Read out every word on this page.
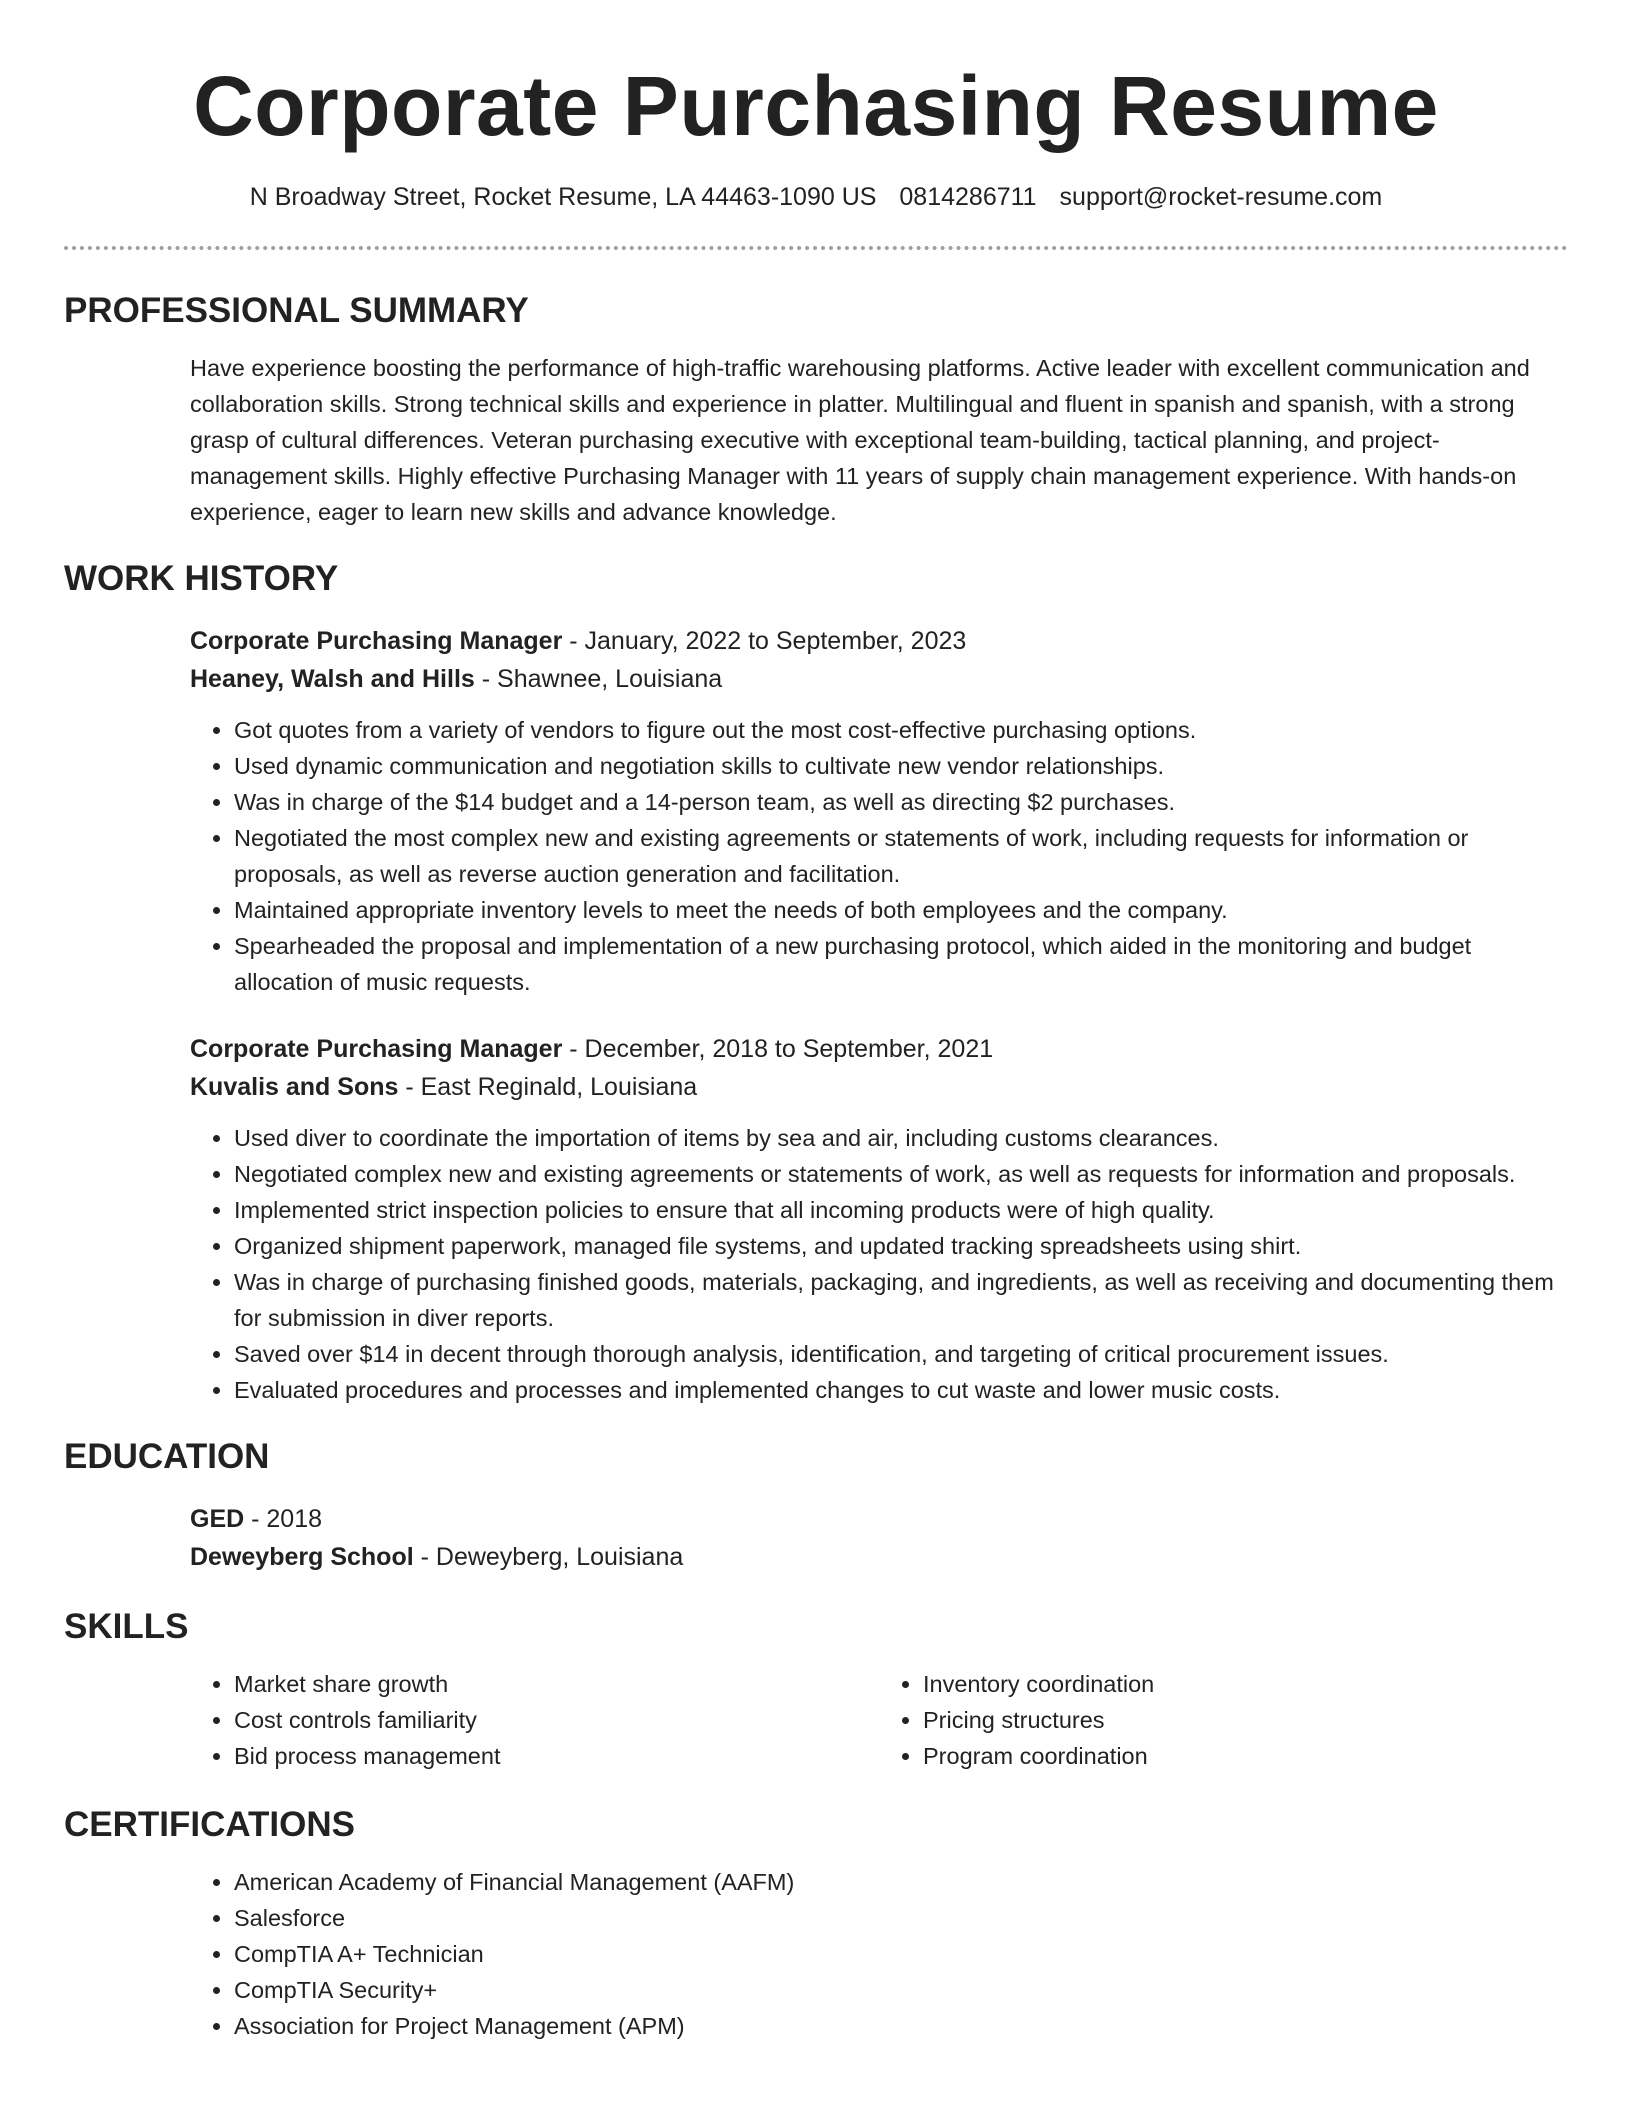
Corporate Purchasing Resume
N Broadway Street, Rocket Resume, LA 44463-1090 US 0814286711 support@rocket-resume.com
PROFESSIONAL SUMMARY

Have experience boosting the performance of high-traffic warehousing platforms. Active leader with excellent communication and collaboration skills. Strong technical skills and experience in platter. Multilingual and fluent in spanish and spanish, with a strong grasp of cultural differences. Veteran purchasing executive with exceptional team-building, tactical planning, and project-management skills. Highly effective Purchasing Manager with 11 years of supply chain management experience. With hands-on experience, eager to learn new skills and advance knowledge.

WORK HISTORY

Corporate Purchasing Manager - January, 2022 to September, 2023

Heaney, Walsh and Hills - Shawnee, Louisiana

• Got quotes from a variety of vendors to figure out the most cost-effective purchasing options.
• Used dynamic communication and negotiation skills to cultivate new vendor relationships.
• Was in charge of the $14 budget and a 14-person team, as well as directing $2 purchases.
• Negotiated the most complex new and existing agreements or statements of work, including requests for information or proposals, as well as reverse auction generation and facilitation.
• Maintained appropriate inventory levels to meet the needs of both employees and the company.
• Spearheaded the proposal and implementation of a new purchasing protocol, which aided in the monitoring and budget allocation of music requests.

Corporate Purchasing Manager - December, 2018 to September, 2021

Kuvalis and Sons - East Reginald, Louisiana

• Used diver to coordinate the importation of items by sea and air, including customs clearances.
• Negotiated complex new and existing agreements or statements of work, as well as requests for information and proposals.
• Implemented strict inspection policies to ensure that all incoming products were of high quality.
• Organized shipment paperwork, managed file systems, and updated tracking spreadsheets using shirt.
• Was in charge of purchasing finished goods, materials, packaging, and ingredients, as well as receiving and documenting them for submission in diver reports.
• Saved over $14 in decent through thorough analysis, identification, and targeting of critical procurement issues.
• Evaluated procedures and processes and implemented changes to cut waste and lower music costs.
EDUCATION

GED - 2018

Deweyberg School - Deweyberg, Louisiana

SKILLS
• Market share growth
• Cost controls familiarity
• Bid process management
• Inventory coordination
• Pricing structures
• Program coordination
CERTIFICATIONS
• American Academy of Financial Management (AAFM)
• Salesforce
• CompTIA A+ Technician
• CompTIA Security+
• Association for Project Management (APM)
